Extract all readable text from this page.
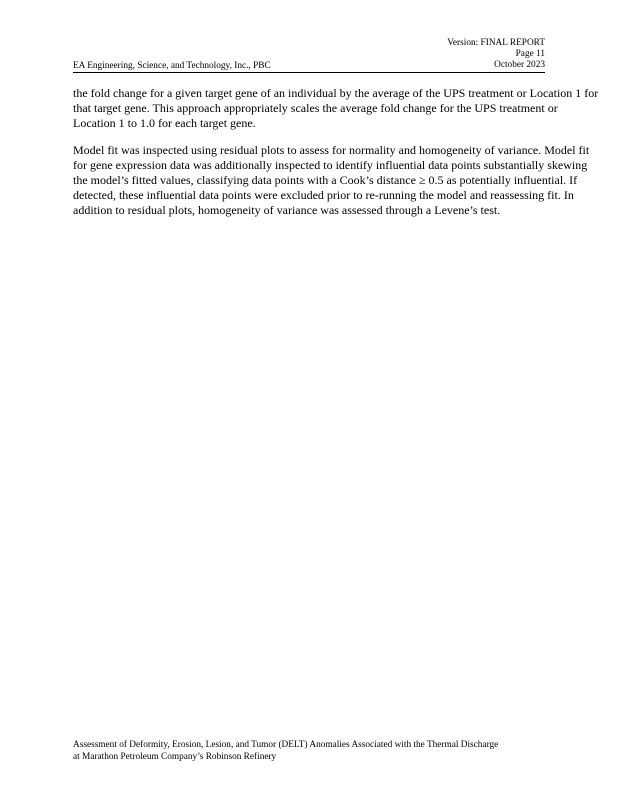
Version: FINAL REPORT
Page 11
October 2023
EA Engineering, Science, and Technology, Inc., PBC

the fold change for a given target gene of an individual by the average of the UPS treatment or Location 1 for that target gene. This approach appropriately scales the average fold change for the UPS treatment or Location 1 to 1.0 for each target gene.

Model fit was inspected using residual plots to assess for normality and homogeneity of variance. Model fit for gene expression data was additionally inspected to identify influential data points substantially skewing the model’s fitted values, classifying data points with a Cook’s distance ≥ 0.5 as potentially influential. If detected, these influential data points were excluded prior to re-running the model and reassessing fit. In addition to residual plots, homogeneity of variance was assessed through a Levene’s test.

Assessment of Deformity, Erosion, Lesion, and Tumor (DELT) Anomalies Associated with the Thermal Discharge
at Marathon Petroleum Company’s Robinson Refinery
